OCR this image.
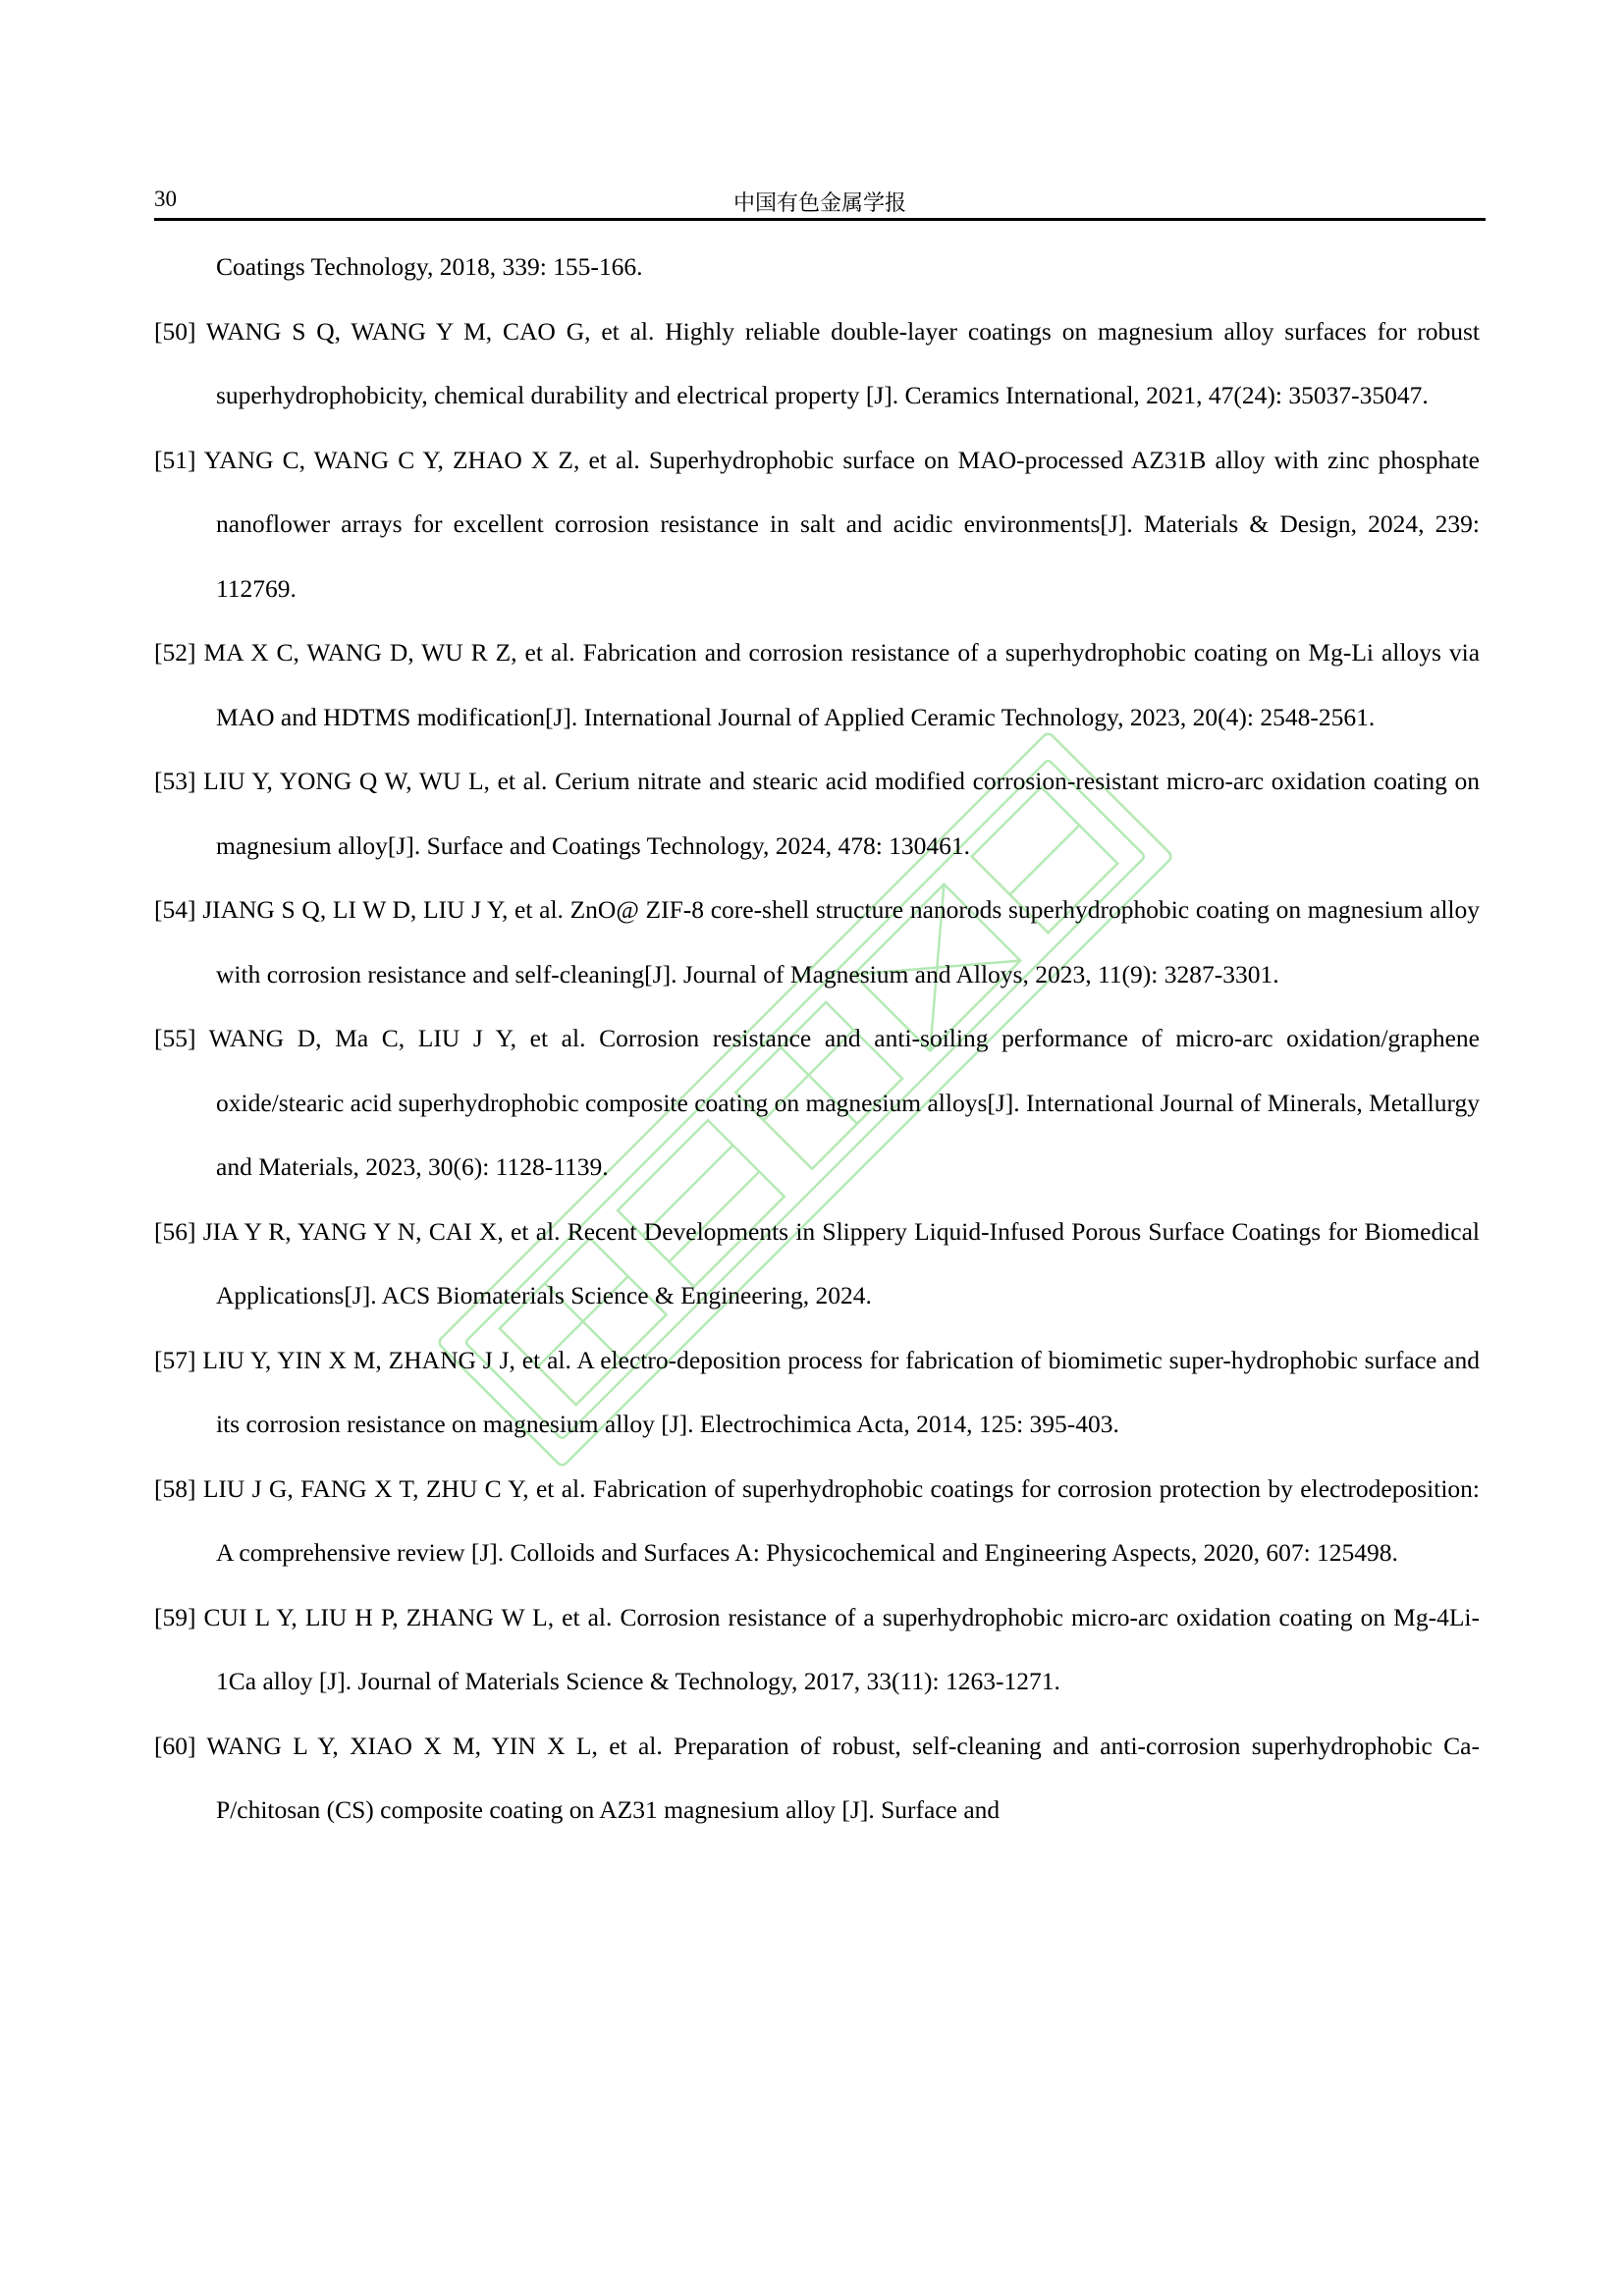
30	中国有色金属学报
Coatings Technology, 2018, 339: 155-166.
[50] WANG S Q, WANG Y M, CAO G, et al. Highly reliable double-layer coatings on magnesium alloy surfaces for robust superhydrophobicity, chemical durability and electrical property [J]. Ceramics International, 2021, 47(24): 35037-35047.
[51] YANG C, WANG C Y, ZHAO X Z, et al. Superhydrophobic surface on MAO-processed AZ31B alloy with zinc phosphate nanoflower arrays for excellent corrosion resistance in salt and acidic environments[J]. Materials & Design, 2024, 239: 112769.
[52] MA X C, WANG D, WU R Z, et al. Fabrication and corrosion resistance of a superhydrophobic coating on Mg-Li alloys via MAO and HDTMS modification[J]. International Journal of Applied Ceramic Technology, 2023, 20(4): 2548-2561.
[53] LIU Y, YONG Q W, WU L, et al. Cerium nitrate and stearic acid modified corrosion-resistant micro-arc oxidation coating on magnesium alloy[J]. Surface and Coatings Technology, 2024, 478: 130461.
[54] JIANG S Q, LI W D, LIU J Y, et al. ZnO@ ZIF-8 core-shell structure nanorods superhydrophobic coating on magnesium alloy with corrosion resistance and self-cleaning[J]. Journal of Magnesium and Alloys, 2023, 11(9): 3287-3301.
[55] WANG D, Ma C, LIU J Y, et al. Corrosion resistance and anti-soiling performance of micro-arc oxidation/graphene oxide/stearic acid superhydrophobic composite coating on magnesium alloys[J]. International Journal of Minerals, Metallurgy and Materials, 2023, 30(6): 1128-1139.
[56] JIA Y R, YANG Y N, CAI X, et al. Recent Developments in Slippery Liquid-Infused Porous Surface Coatings for Biomedical Applications[J]. ACS Biomaterials Science & Engineering, 2024.
[57] LIU Y, YIN X M, ZHANG J J, et al. A electro-deposition process for fabrication of biomimetic super-hydrophobic surface and its corrosion resistance on magnesium alloy [J]. Electrochimica Acta, 2014, 125: 395-403.
[58] LIU J G, FANG X T, ZHU C Y, et al. Fabrication of superhydrophobic coatings for corrosion protection by electrodeposition: A comprehensive review [J]. Colloids and Surfaces A: Physicochemical and Engineering Aspects, 2020, 607: 125498.
[59] CUI L Y, LIU H P, ZHANG W L, et al. Corrosion resistance of a superhydrophobic micro-arc oxidation coating on Mg-4Li-1Ca alloy [J]. Journal of Materials Science & Technology, 2017, 33(11): 1263-1271.
[60] WANG L Y, XIAO X M, YIN X L, et al. Preparation of robust, self-cleaning and anti-corrosion superhydrophobic Ca-P/chitosan (CS) composite coating on AZ31 magnesium alloy [J]. Surface and
